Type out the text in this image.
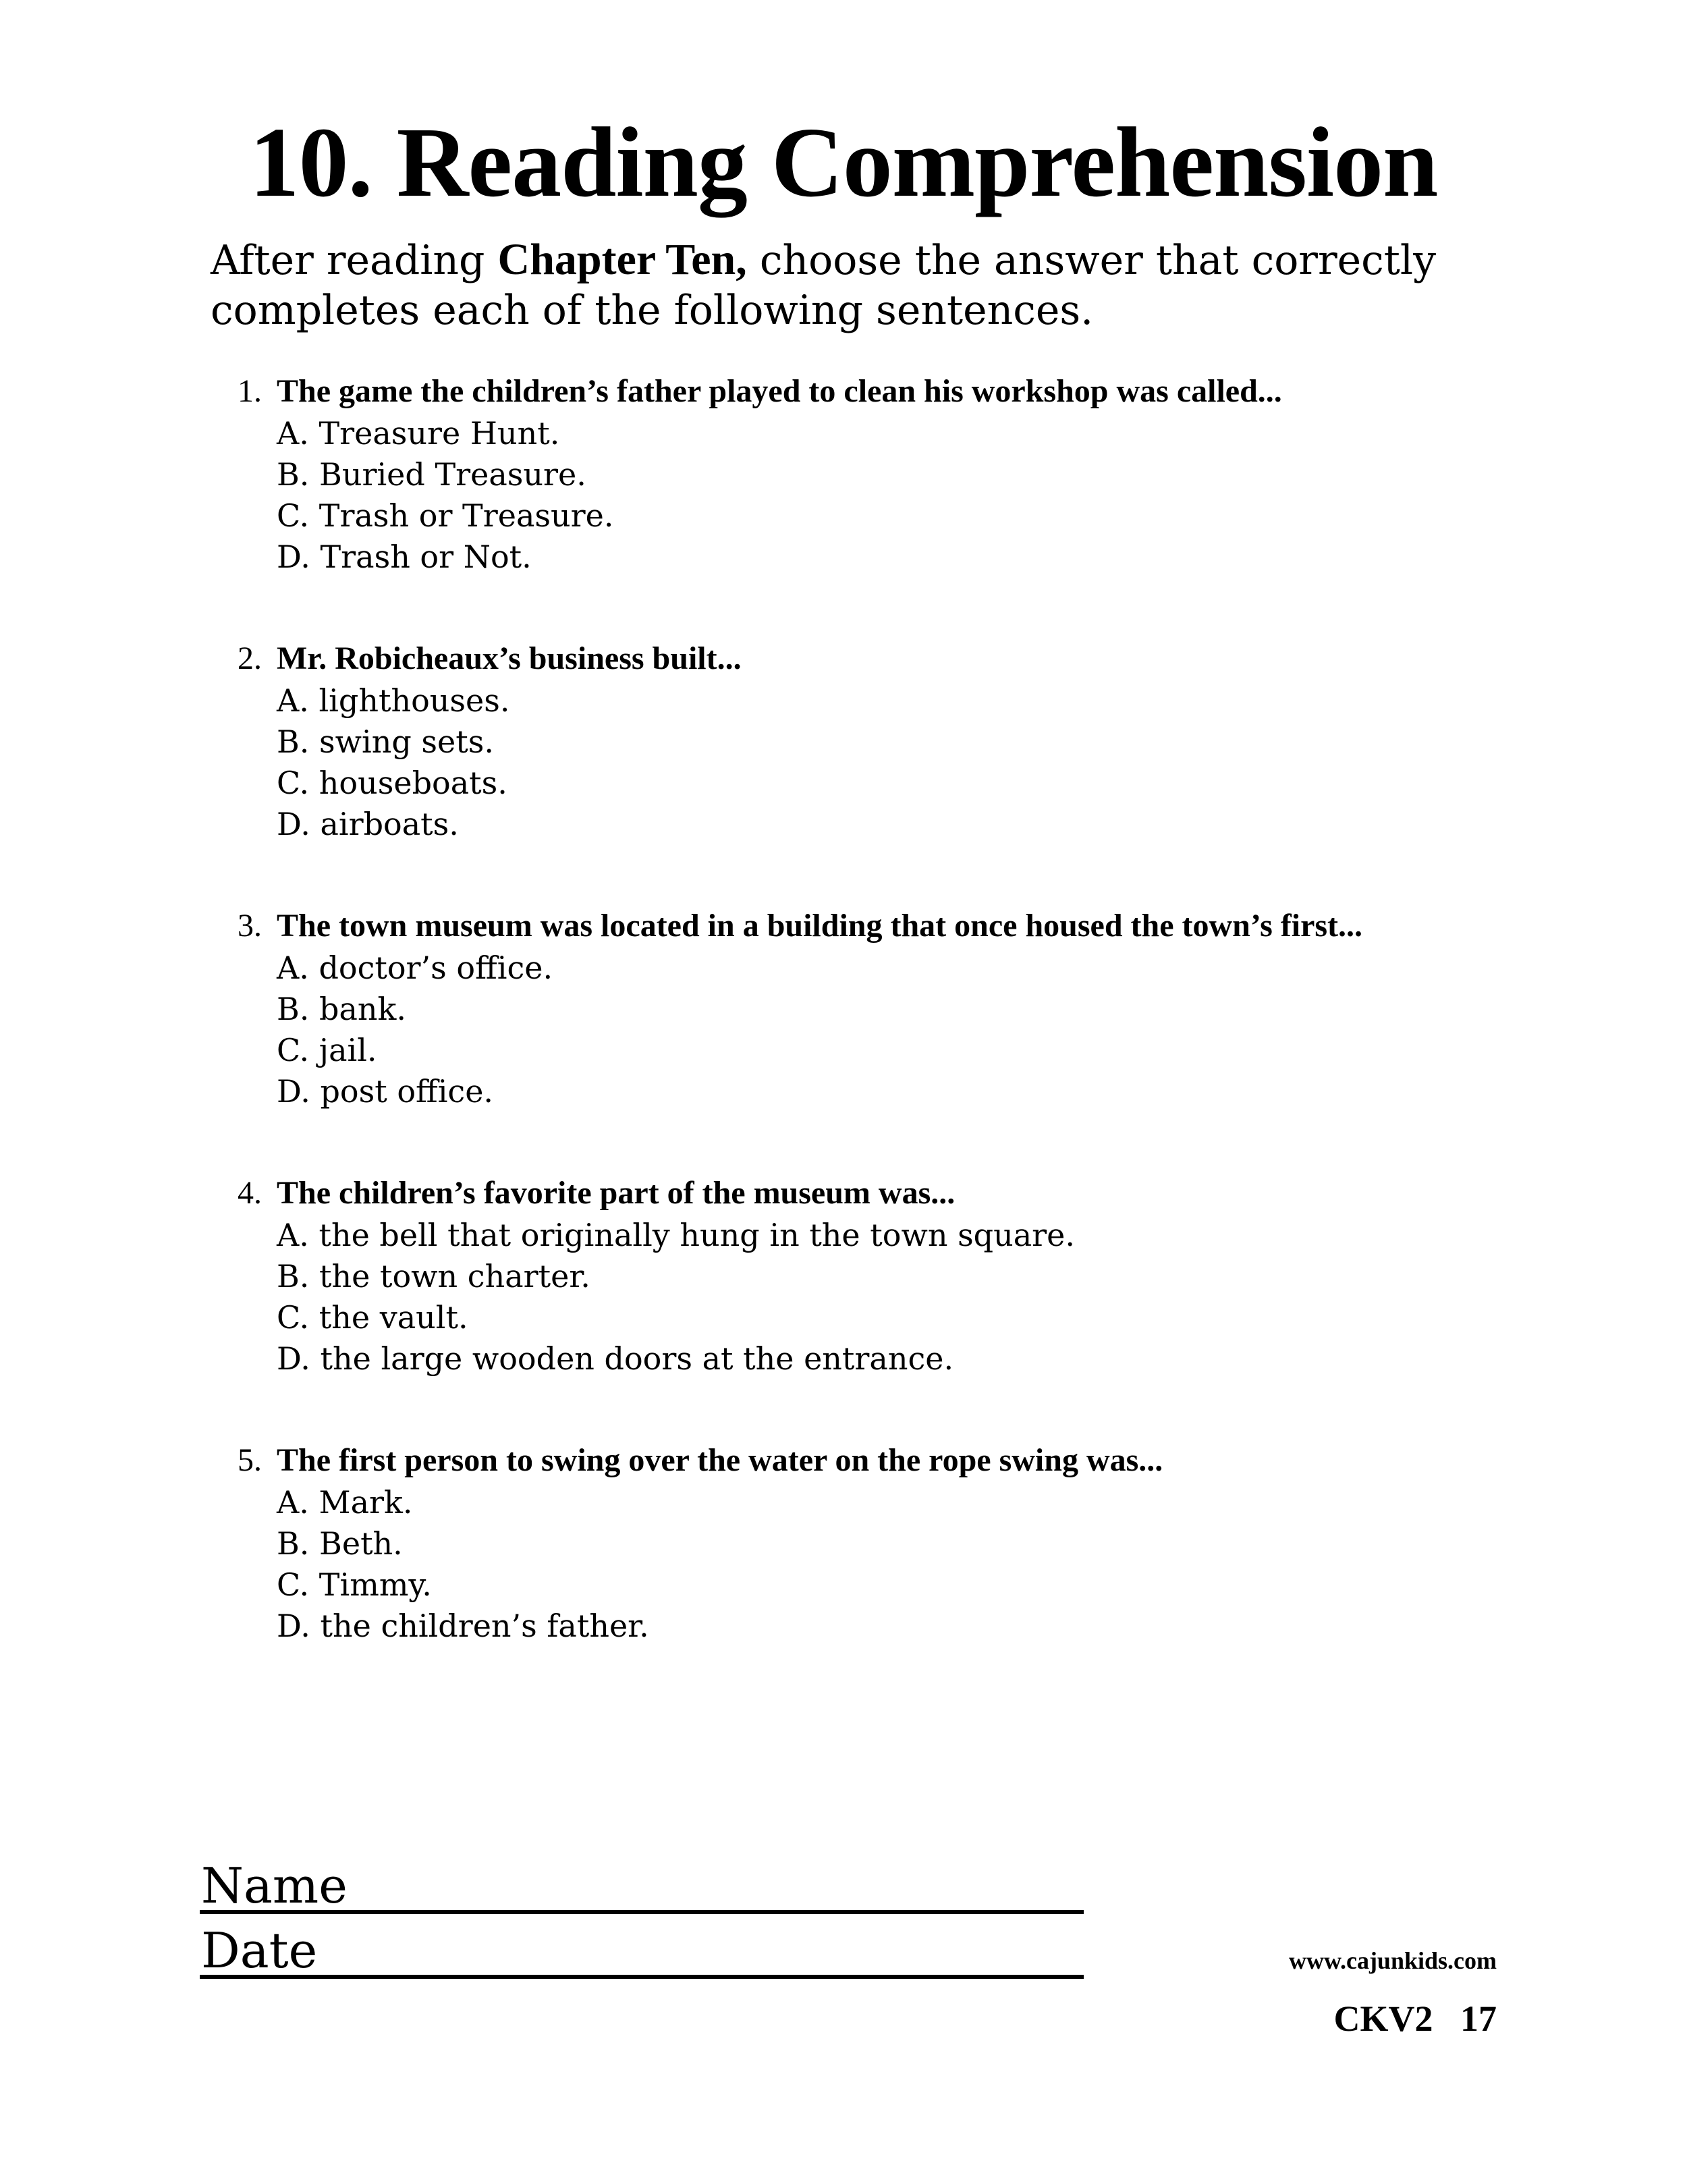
10. Reading Comprehension
After reading Chapter Ten, choose the answer that correctly completes each of the following sentences.
1. The game the children’s father played to clean his workshop was called...
A. Treasure Hunt.
B. Buried Treasure.
C. Trash or Treasure.
D. Trash or Not.
2. Mr. Robicheaux’s business built...
A. lighthouses.
B. swing sets.
C. houseboats.
D. airboats.
3. The town museum was located in a building that once housed the town’s first...
A. doctor’s office.
B. bank.
C. jail.
D. post office.
4. The children’s favorite part of the museum was...
A. the bell that originally hung in the town square.
B. the town charter.
C. the vault.
D. the large wooden doors at the entrance.
5. The first person to swing over the water on the rope swing was...
A. Mark.
B. Beth.
C. Timmy.
D. the children’s father.
Name
Date	www.cajunkids.com
CKV2   17
